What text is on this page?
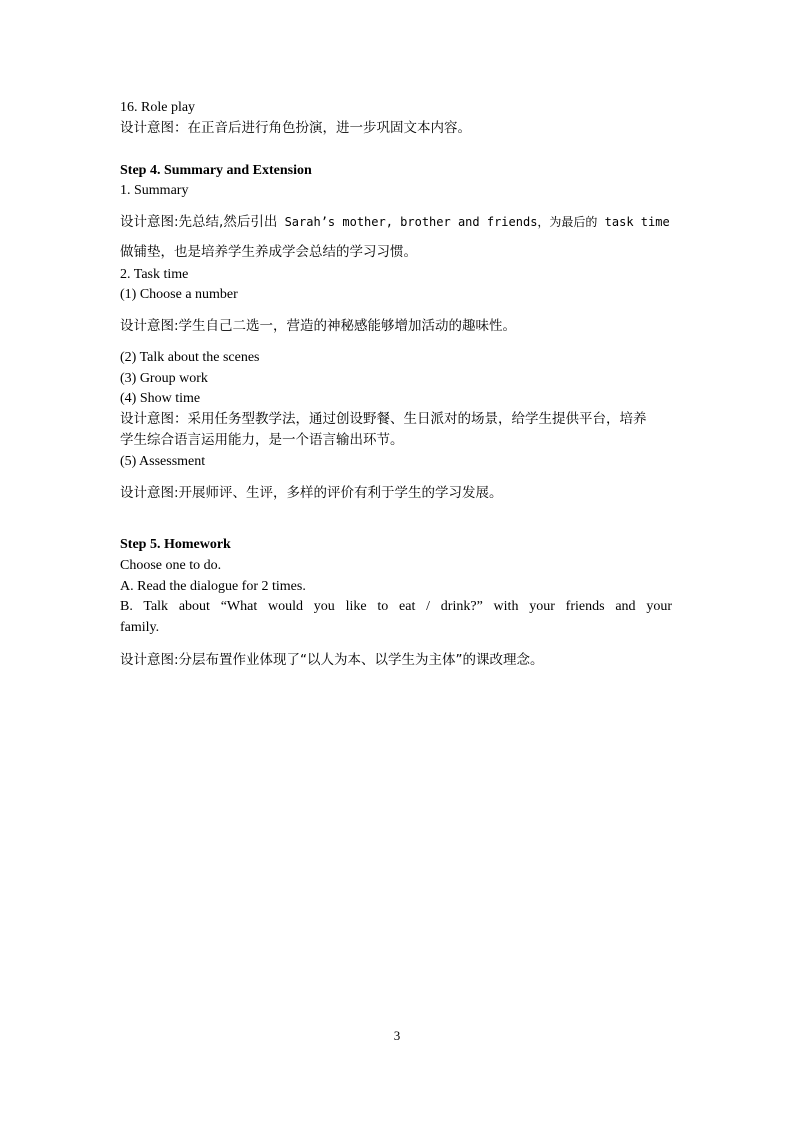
16. Role play
设计意图：在正音后进行角色扮演，进一步巩固文本内容。
Step 4. Summary and Extension
1. Summary
设计意图:先总结,然后引出 Sarah’s mother, brother and friends，为最后的 task time
做铺垫，也是培养学生养成学会总结的学习习惯。
2. Task time
(1) Choose a number
设计意图:学生自己二选一，营造的神秘感能够增加活动的趣味性。
(2) Talk about the scenes
(3) Group work
(4) Show time
设计意图：采用任务型教学法，通过创设野餐、生日派对的场景，给学生提供平台，培养
学生综合语言运用能力，是一个语言输出环节。
(5) Assessment
设计意图:开展师评、生评，多样的评价有利于学生的学习发展。
Step 5. Homework
Choose one to do.
A. Read the dialogue for 2 times.
B. Talk about “What would you like to eat / drink?” with your friends and your
family.
设计意图:分层布置作业体现了“以人为本、以学生为主体”的课改理念。
3
